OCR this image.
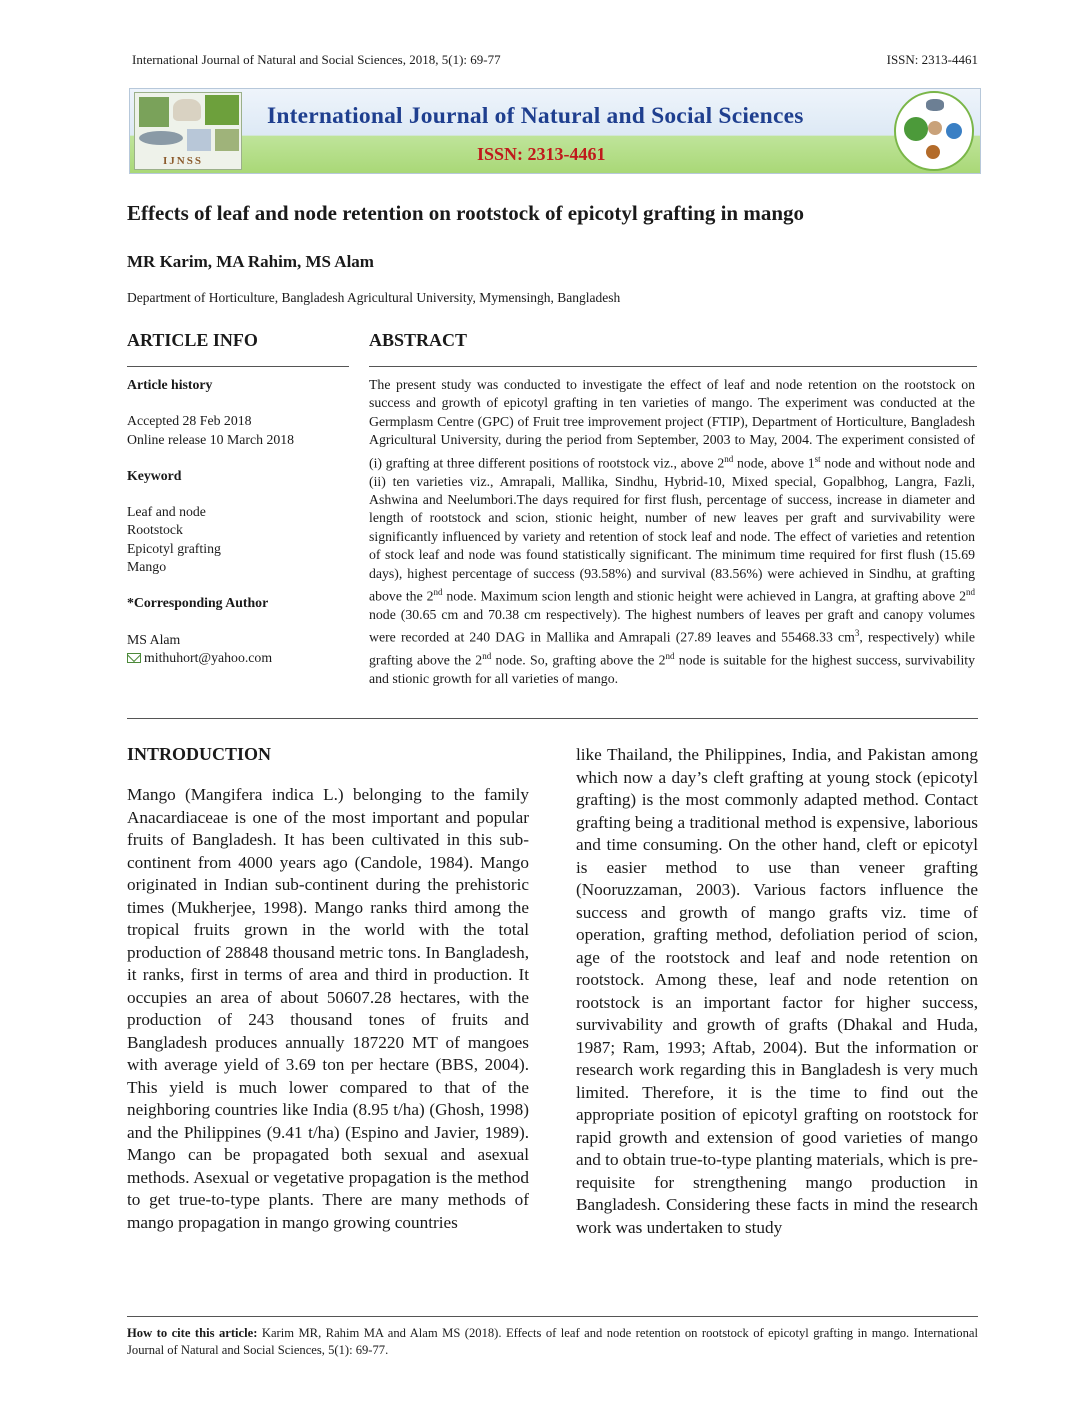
International Journal of Natural and Social Sciences, 2018, 5(1): 69-77	ISSN: 2313-4461
IJNSS
International Journal of Natural and Social Sciences
ISSN: 2313-4461
Effects of leaf and node retention on rootstock of epicotyl grafting in mango
MR Karim, MA Rahim, MS Alam
Department of Horticulture, Bangladesh Agricultural University, Mymensingh, Bangladesh
ARTICLE INFO	ABSTRACT
Article history
Accepted 28 Feb 2018
Online release 10 March 2018
Keyword
Leaf and node
Rootstock
Epicotyl grafting
Mango
*Corresponding Author
MS Alam
mithuhort@yahoo.com
The present study was conducted to investigate the effect of leaf and node retention on the rootstock on success and growth of epicotyl grafting in ten varieties of mango. The experiment was conducted at the Germplasm Centre (GPC) of Fruit tree improvement project (FTIP), Department of Horticulture, Bangladesh Agricultural University, during the period from September, 2003 to May, 2004. The experiment consisted of (i) grafting at three different positions of rootstock viz., above 2nd node, above 1st node and without node and (ii) ten varieties viz., Amrapali, Mallika, Sindhu, Hybrid-10, Mixed special, Gopalbhog, Langra, Fazli, Ashwina and Neelumbori.The days required for first flush, percentage of success, increase in diameter and length of rootstock and scion, stionic height, number of new leaves per graft and survivability were significantly influenced by variety and retention of stock leaf and node. The effect of varieties and retention of stock leaf and node was found statistically significant. The minimum time required for first flush (15.69 days), highest percentage of success (93.58%) and survival (83.56%) were achieved in Sindhu, at grafting above the 2nd node. Maximum scion length and stionic height were achieved in Langra, at grafting above 2nd node (30.65 cm and 70.38 cm respectively). The highest numbers of leaves per graft and canopy volumes were recorded at 240 DAG in Mallika and Amrapali (27.89 leaves and 55468.33 $cm^3$, respectively) while grafting above the 2nd node. So, grafting above the 2nd node is suitable for the highest success, survivability and stionic growth for all varieties of mango.
INTRODUCTION
Mango (Mangifera indica L.) belonging to the family Anacardiaceae is one of the most important and popular fruits of Bangladesh. It has been cultivated in this sub-continent from 4000 years ago (Candole, 1984). Mango originated in Indian sub-continent during the prehistoric times (Mukherjee, 1998). Mango ranks third among the tropical fruits grown in the world with the total production of 28848 thousand metric tons. In Bangladesh, it ranks, first in terms of area and third in production. It occupies an area of about 50607.28 hectares, with the production of 243 thousand tones of fruits and Bangladesh produces annually 187220 MT of mangoes with average yield of 3.69 ton per hectare (BBS, 2004). This yield is much lower compared to that of the neighboring countries like India (8.95 t/ha) (Ghosh, 1998) and the Philippines (9.41 t/ha) (Espino and Javier, 1989). Mango can be propagated both sexual and asexual methods. Asexual or vegetative propagation is the method to get true-to-type plants. There are many methods of mango propagation in mango growing countries
like Thailand, the Philippines, India, and Pakistan among which now a day’s cleft grafting at young stock (epicotyl grafting) is the most commonly adapted method. Contact grafting being a traditional method is expensive, laborious and time consuming. On the other hand, cleft or epicotyl is easier method to use than veneer grafting (Nooruzzaman, 2003). Various factors influence the success and growth of mango grafts viz. time of operation, grafting method, defoliation period of scion, age of the rootstock and leaf and node retention on rootstock. Among these, leaf and node retention on rootstock is an important factor for higher success, survivability and growth of grafts (Dhakal and Huda, 1987; Ram, 1993; Aftab, 2004). But the information or research work regarding this in Bangladesh is very much limited. Therefore, it is the time to find out the appropriate position of epicotyl grafting on rootstock for rapid growth and extension of good varieties of mango and to obtain true-to-type planting materials, which is pre-requisite for strengthening mango production in Bangladesh. Considering these facts in mind the research work was undertaken to study
How to cite this article: Karim MR, Rahim MA and Alam MS (2018). Effects of leaf and node retention on rootstock of epicotyl grafting in mango. International Journal of Natural and Social Sciences, 5(1): 69-77.
